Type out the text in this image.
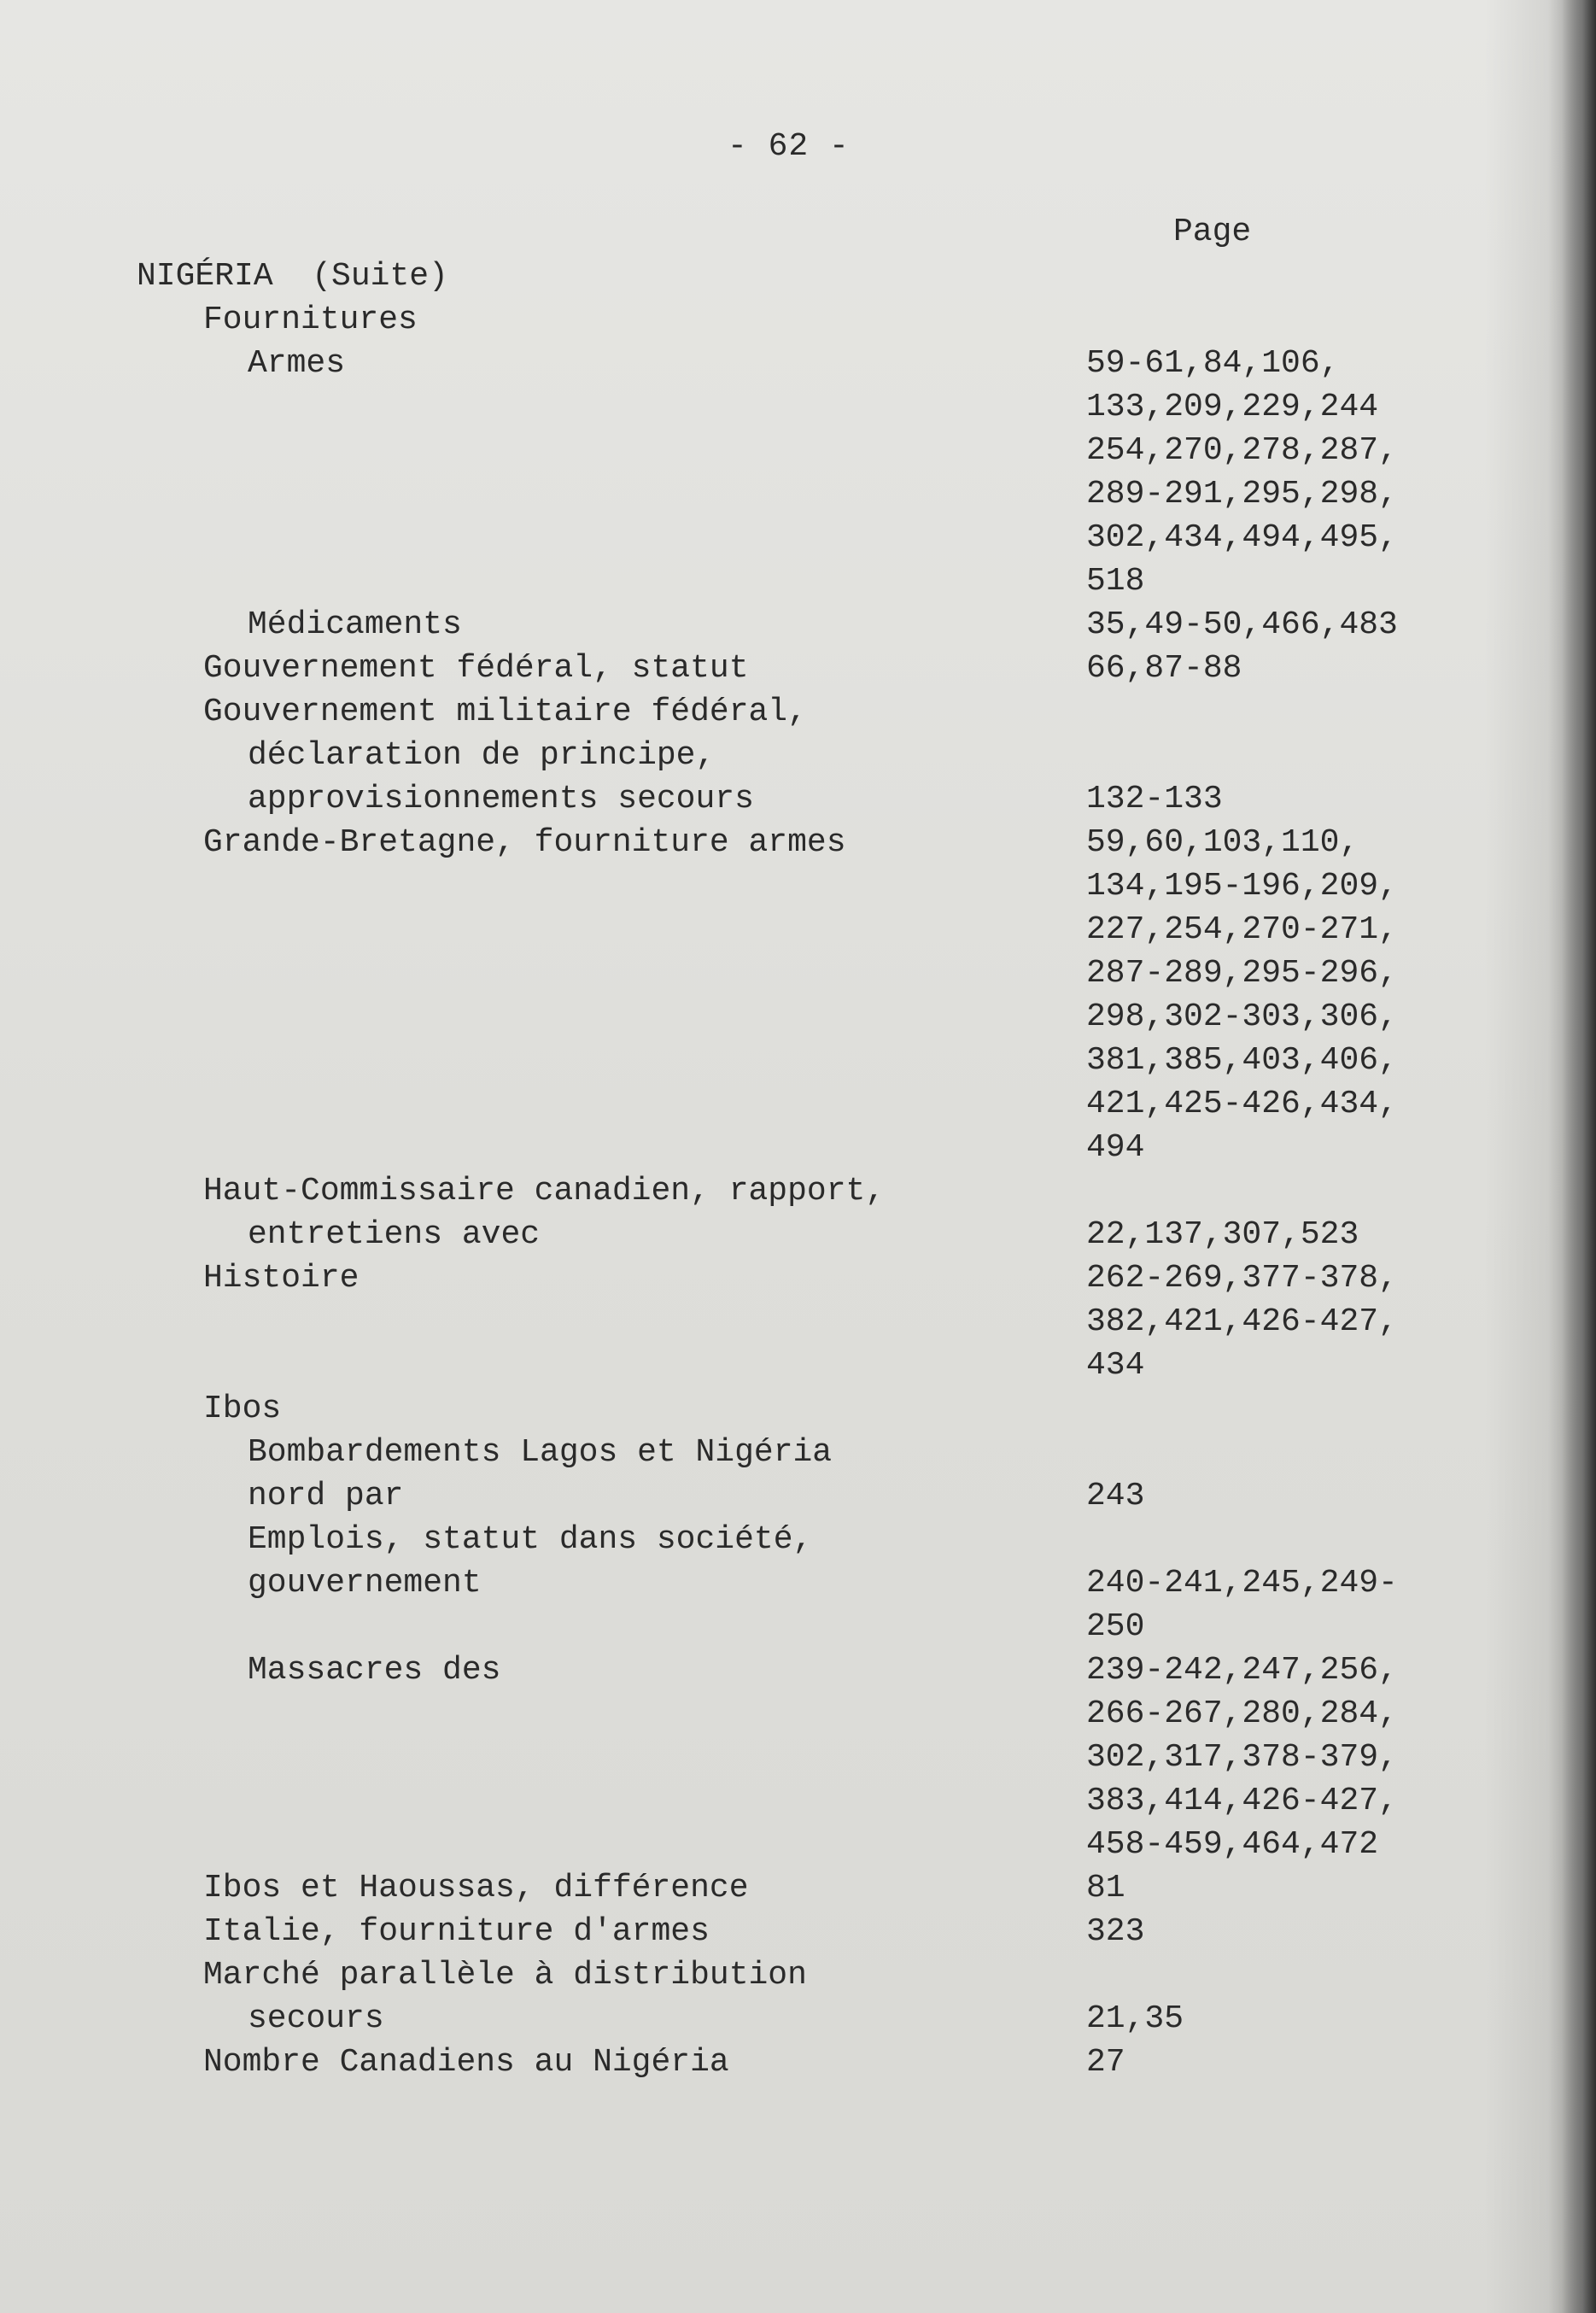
- 62 -
Page
NIGÉRIA  (Suite)
Fournitures
Armes	59-61,84,106,
133,209,229,244
254,270,278,287,
289-291,295,298,
302,434,494,495,
518
Médicaments	35,49-50,466,483
Gouvernement fédéral, statut	66,87-88
Gouvernement militaire fédéral,
déclaration de principe,
approvisionnements secours	132-133
Grande-Bretagne, fourniture armes	59,60,103,110,
134,195-196,209,
227,254,270-271,
287-289,295-296,
298,302-303,306,
381,385,403,406,
421,425-426,434,
494
Haut-Commissaire canadien, rapport,
entretiens avec	22,137,307,523
Histoire	262-269,377-378,
382,421,426-427,
434
Ibos
Bombardements Lagos et Nigéria
nord par	243
Emplois, statut dans société,
gouvernement	240-241,245,249-
250
Massacres des	239-242,247,256,
266-267,280,284,
302,317,378-379,
383,414,426-427,
458-459,464,472
Ibos et Haoussas, différence	81
Italie, fourniture d'armes	323
Marché parallèle à distribution
secours	21,35
Nombre Canadiens au Nigéria	27
